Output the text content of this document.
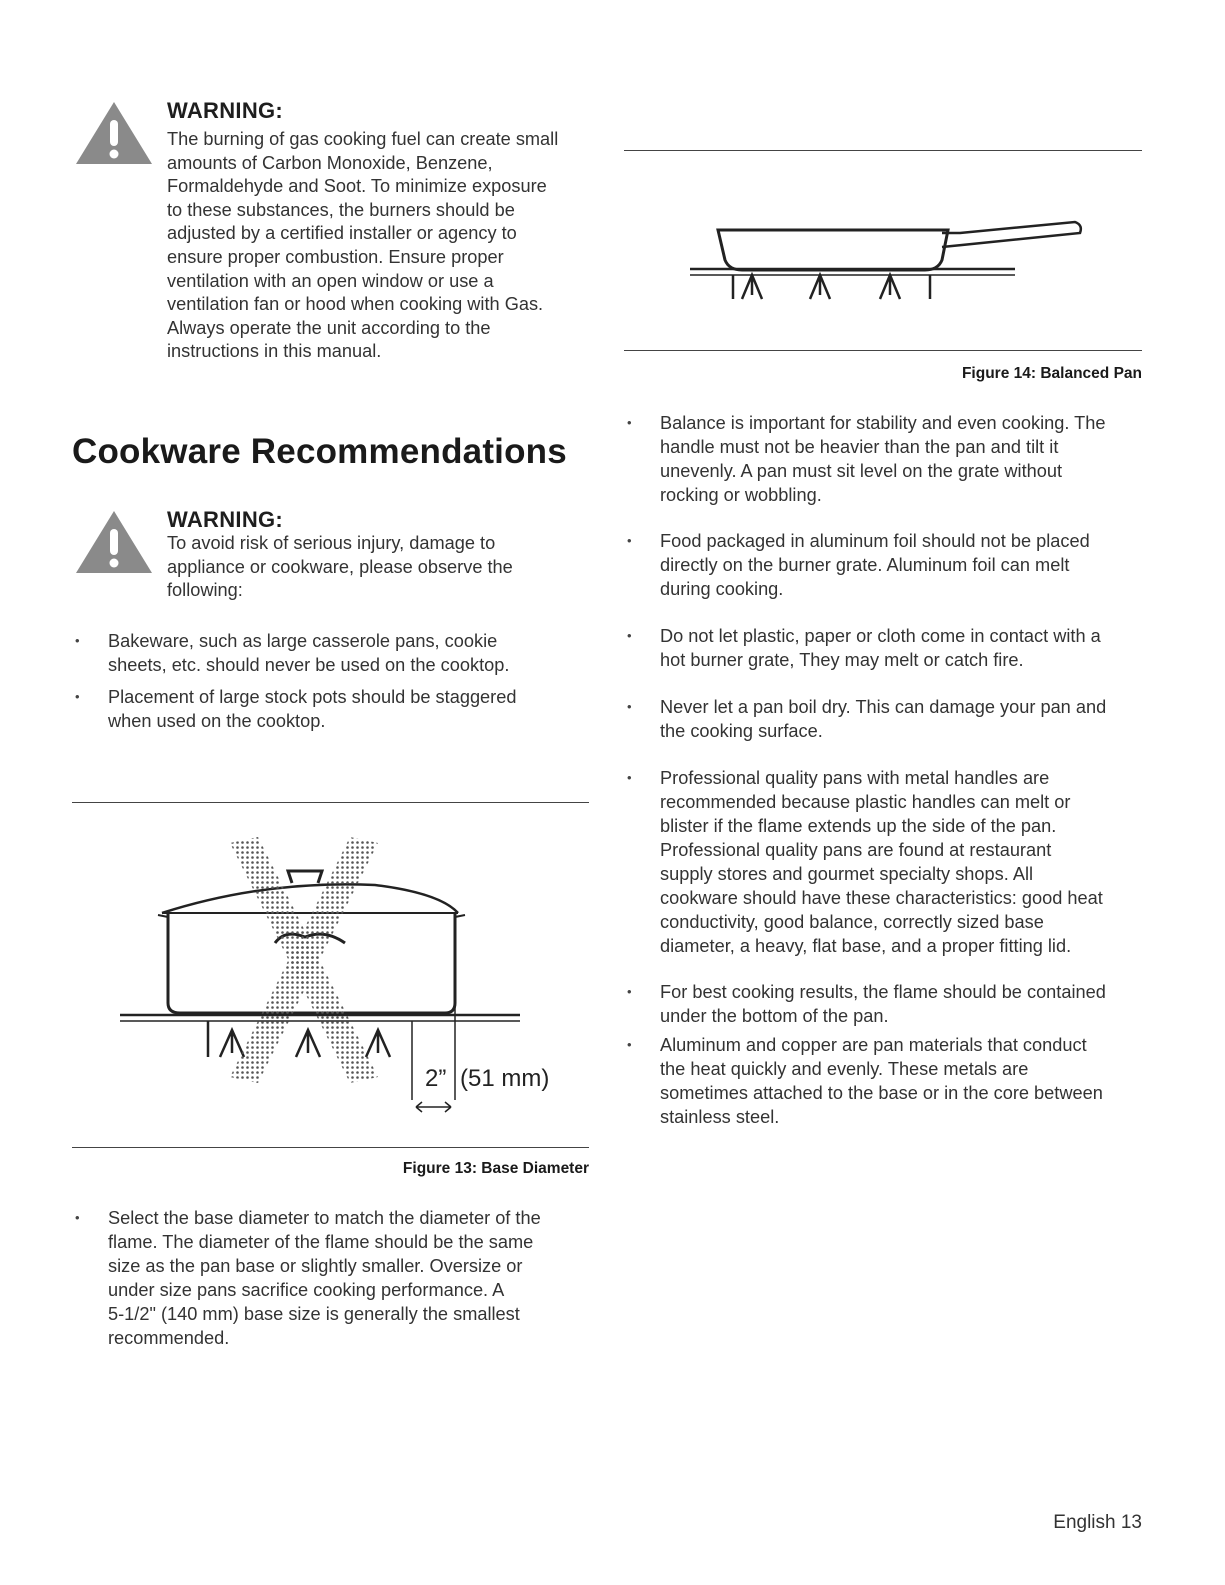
WARNING:
The burning of gas cooking fuel can create small
amounts of Carbon Monoxide, Benzene,
Formaldehyde and Soot. To minimize exposure
to these substances, the burners should be
adjusted by a certified installer or agency to
ensure proper combustion. Ensure proper
ventilation with an open window or use a
ventilation fan or hood when cooking with Gas.
Always operate the unit according to the
instructions in this manual.
Cookware Recommendations
WARNING:
To avoid risk of serious injury, damage to
appliance or cookware, please observe the
following:
• Bakeware, such as large casserole pans, cookie
sheets, etc. should never be used on the cooktop.
• Placement of large stock pots should be staggered
when used on the cooktop.
2” (51 mm)
Figure 13: Base Diameter
• Select the base diameter to match the diameter of the
flame. The diameter of the flame should be the same
size as the pan base or slightly smaller. Oversize or
under size pans sacrifice cooking performance. A
5-1/2" (140 mm) base size is generally the smallest
recommended.
Figure 14: Balanced Pan
• Balance is important for stability and even cooking. The
handle must not be heavier than the pan and tilt it
unevenly. A pan must sit level on the grate without
rocking or wobbling.
• Food packaged in aluminum foil should not be placed
directly on the burner grate. Aluminum foil can melt
during cooking.
• Do not let plastic, paper or cloth come in contact with a
hot burner grate, They may melt or catch fire.
• Never let a pan boil dry. This can damage your pan and
the cooking surface.
• Professional quality pans with metal handles are
recommended because plastic handles can melt or
blister if the flame extends up the side of the pan.
Professional quality pans are found at restaurant
supply stores and gourmet specialty shops. All
cookware should have these characteristics: good heat
conductivity, good balance, correctly sized base
diameter, a heavy, flat base, and a proper fitting lid.
• For best cooking results, the flame should be contained
under the bottom of the pan.
• Aluminum and copper are pan materials that conduct
the heat quickly and evenly. These metals are
sometimes attached to the base or in the core between
stainless steel.
English 13
